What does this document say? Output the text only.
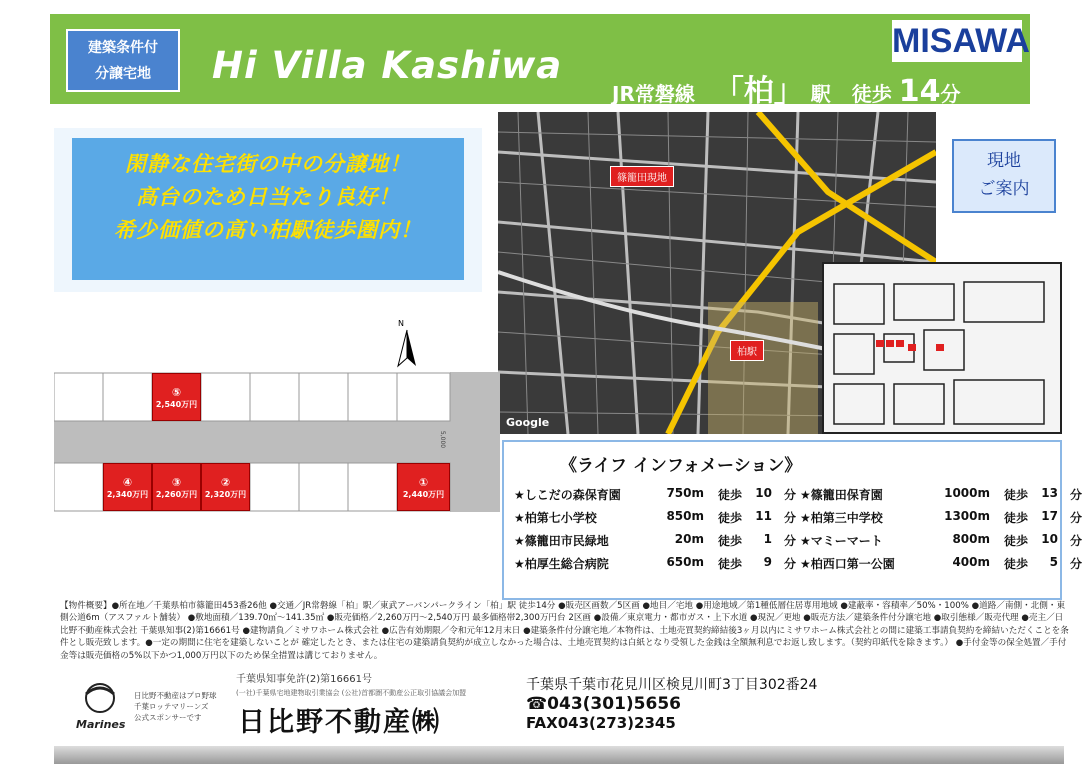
建築条件付
分譲宅地	Hi Villa Kashiwa
JR常磐線 「柏」 駅 徒歩 14分
MISAWA
閑静な住宅街の中の分譲地！
高台のため日当たり良好！
希少価値の高い柏駅徒歩圏内！
篠籠田現地
柏駅
Google
現地
ご案内
N
5,000
⑤
2,540万円
④
2,340万円
③
2,260万円
②
2,320万円
①
2,440万円
《ライフ インフォメーション》
★しこだの森保育園	750m	徒歩	10 分
★柏第七小学校	850m	徒歩	11 分
★篠籠田市民緑地	20m	徒歩	1 分
★柏厚生総合病院	650m	徒歩	9 分
★篠籠田保育園	1000m	徒歩	13 分
★柏第三中学校	1300m	徒歩	17 分
★マミーマート	800m	徒歩	10 分
★柏西口第一公園	400m	徒歩	5 分
【物件概要】●所在地／千葉県柏市篠籠田453番26他 ●交通／JR常磐線「柏」駅／東武アーバンパークライン「柏」駅 徒歩14分 ●販売区画数／5区画 ●地目／宅地 ●用途地域／第1種低層住居専用地域 ●建蔽率・容積率／50%・100% ●道路／南側・北側・東側公道6m（アスファルト舗装） ●敷地面積／139.70㎡～141.35㎡ ●販売価格／2,260万円～2,540万円 最多価格帯2,300万円台 2区画 ●設備／東京電力・都市ガス・上下水道 ●現況／更地 ●販売方法／建築条件付分譲宅地 ●取引態様／販売代理 ●売主／日比野不動産株式会社 千葉県知事(2)第16661号 ●建物請負／ミサワホーム株式会社 ●広告有効期限／令和元年12月末日 ●建築条件付分譲宅地／本物件は、土地売買契約締結後3ヶ月以内にミサワホーム株式会社との間に建築工事請負契約を締結いただくことを条件とし販売致します。●一定の期間に住宅を建築しないことが 確定したとき、または住宅の建築請負契約が成立しなかった場合は、土地売買契約は白紙となり受領した金銭は全額無利息でお返し致します。（契約印紙代を除きます。） ●手付金等の保全処置／手付金等は販売価格の5%以下かつ1,000万円以下のため保全措置は講じておりません。
Marines
日比野不動産はプロ野球
千葉ロッテマリーンズ
公式スポンサーです
千葉県知事免許(2)第16661号
(一社)千葉県宅地建物取引業協会 (公社)首都圏不動産公正取引協議会加盟
日比野不動産㈱
千葉県千葉市花見川区検見川町3丁目302番24
☎043(301)5656
FAX043(273)2345
